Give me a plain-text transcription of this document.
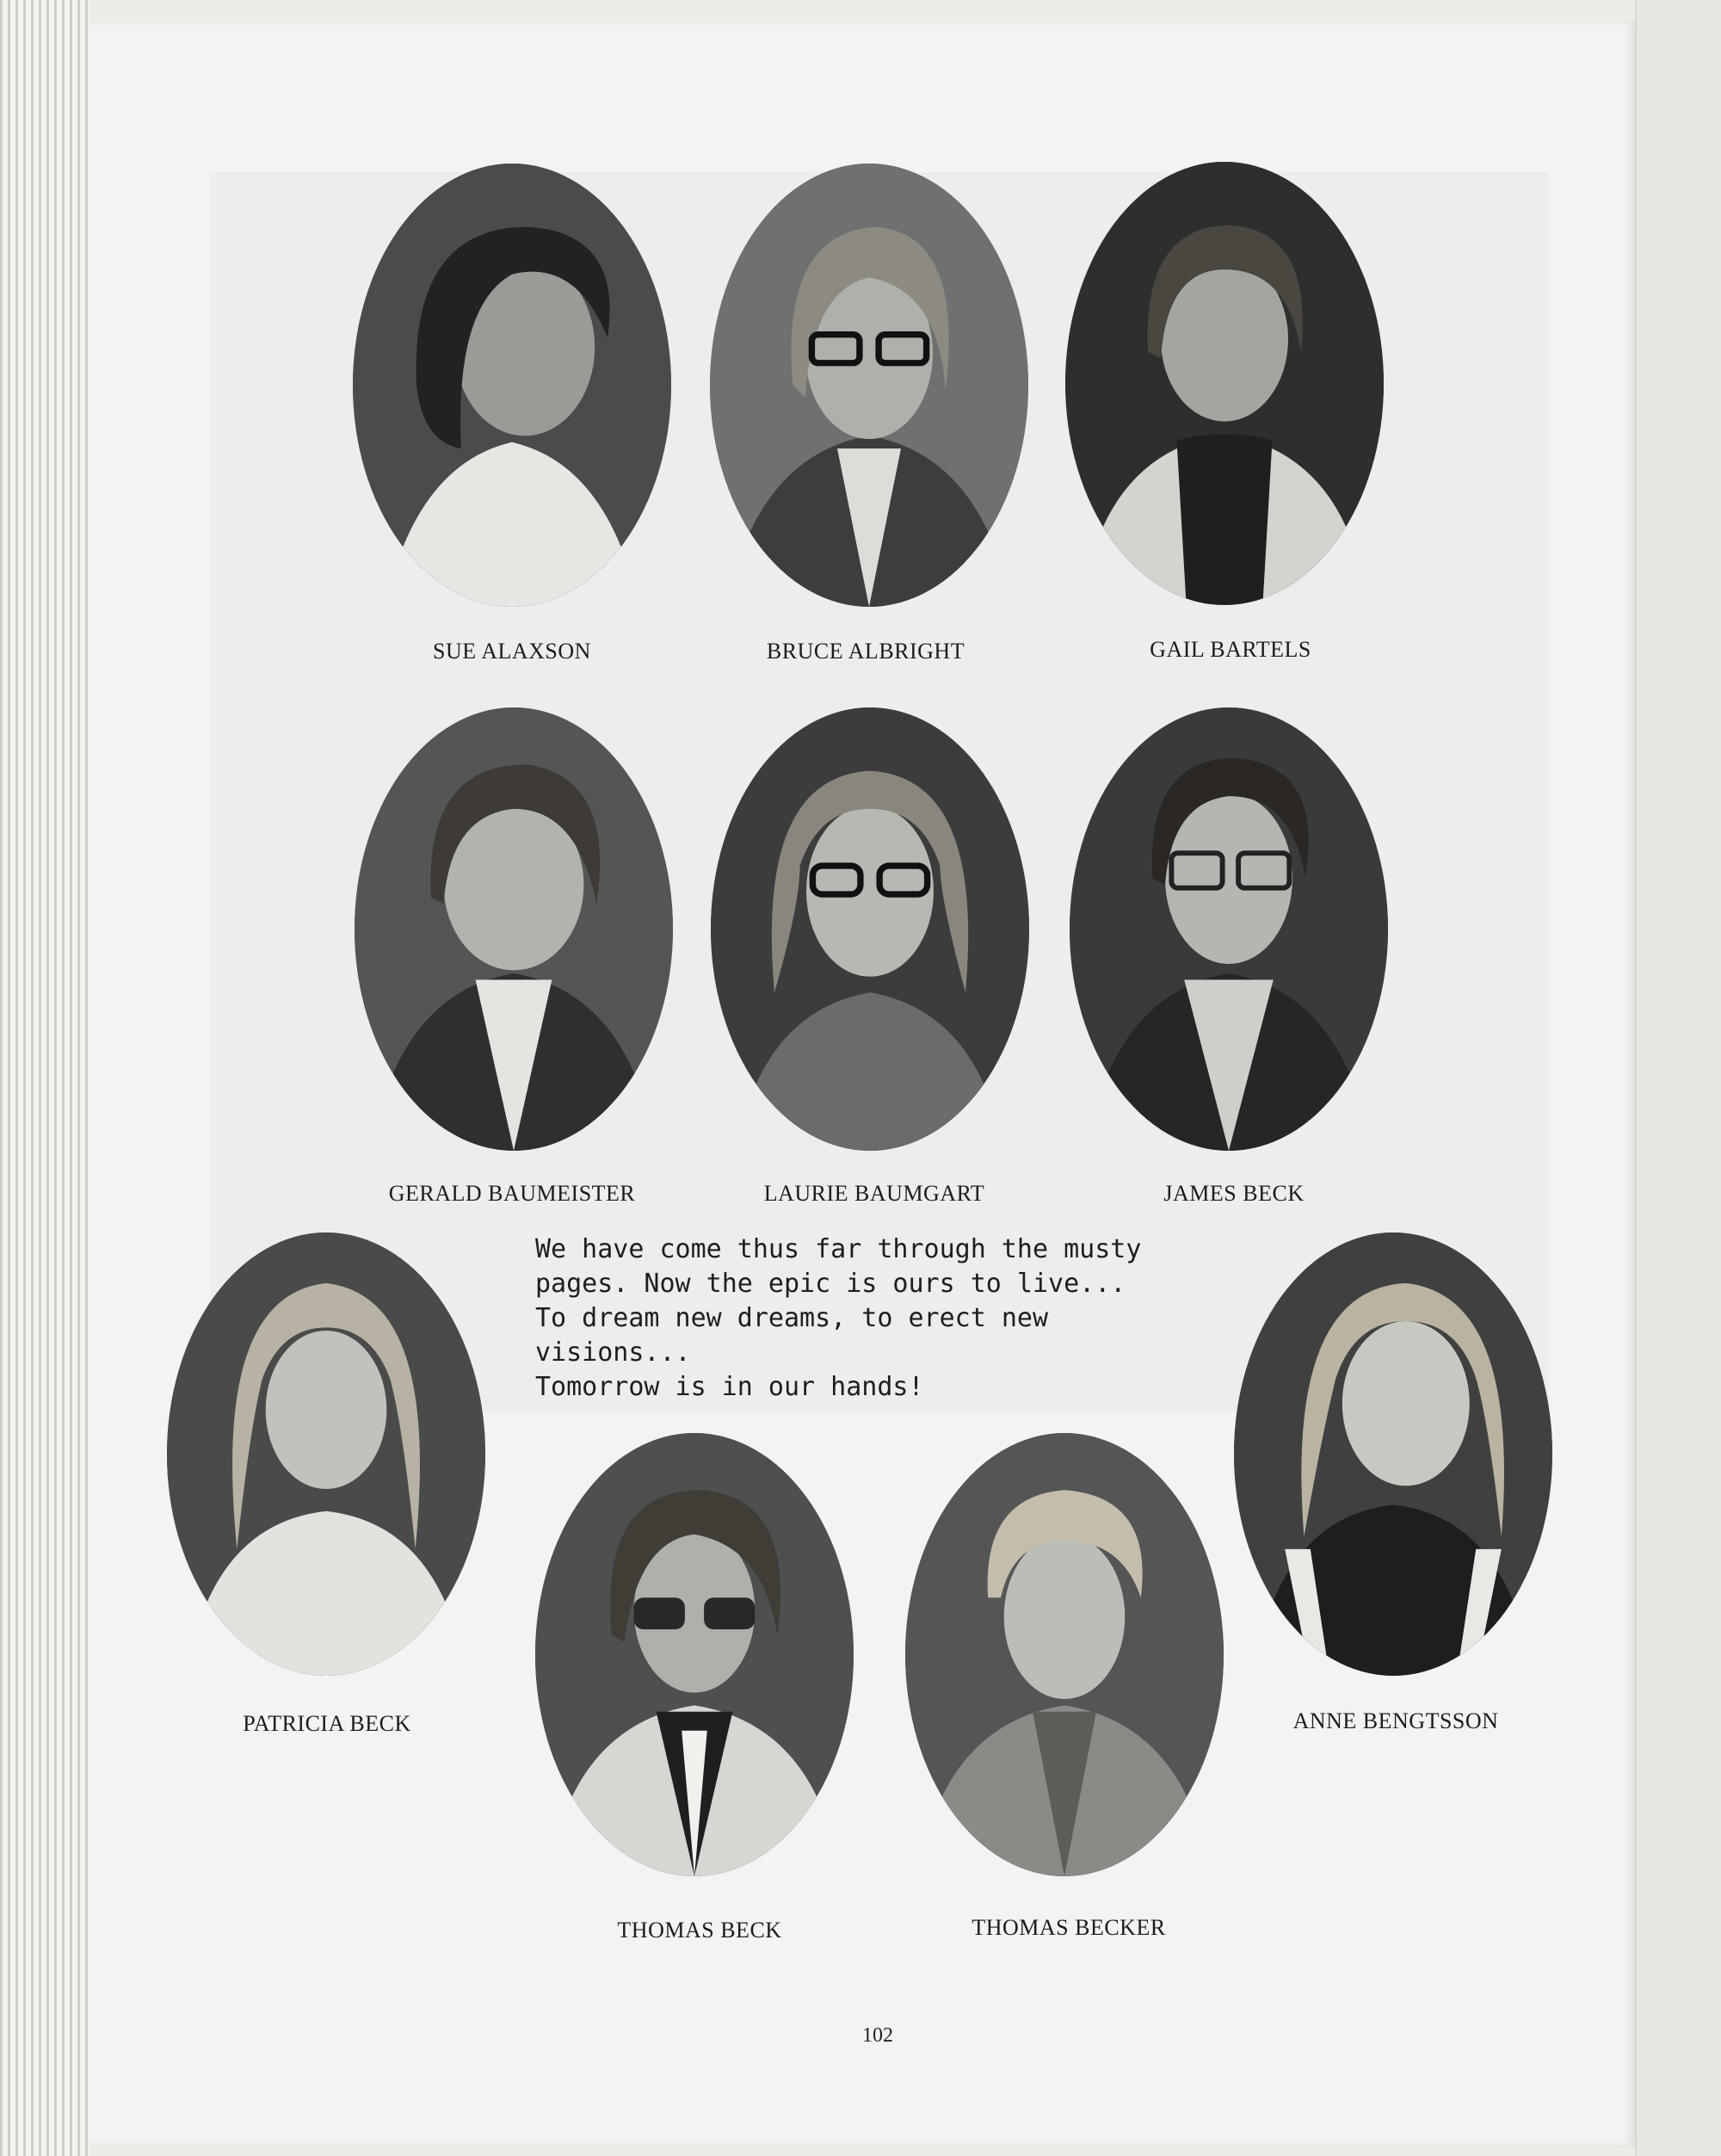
SUE ALAXSON	BRUCE ALBRIGHT	GAIL BARTELS
GERALD BAUMEISTER	LAURIE BAUMGART	JAMES BECK
We have come thus far through the musty
pages. Now the epic is ours to live...
To dream new dreams, to erect new
visions...
Tomorrow is in our hands!
PATRICIA BECK	ANNE BENGTSSON
THOMAS BECK	THOMAS BECKER
102
